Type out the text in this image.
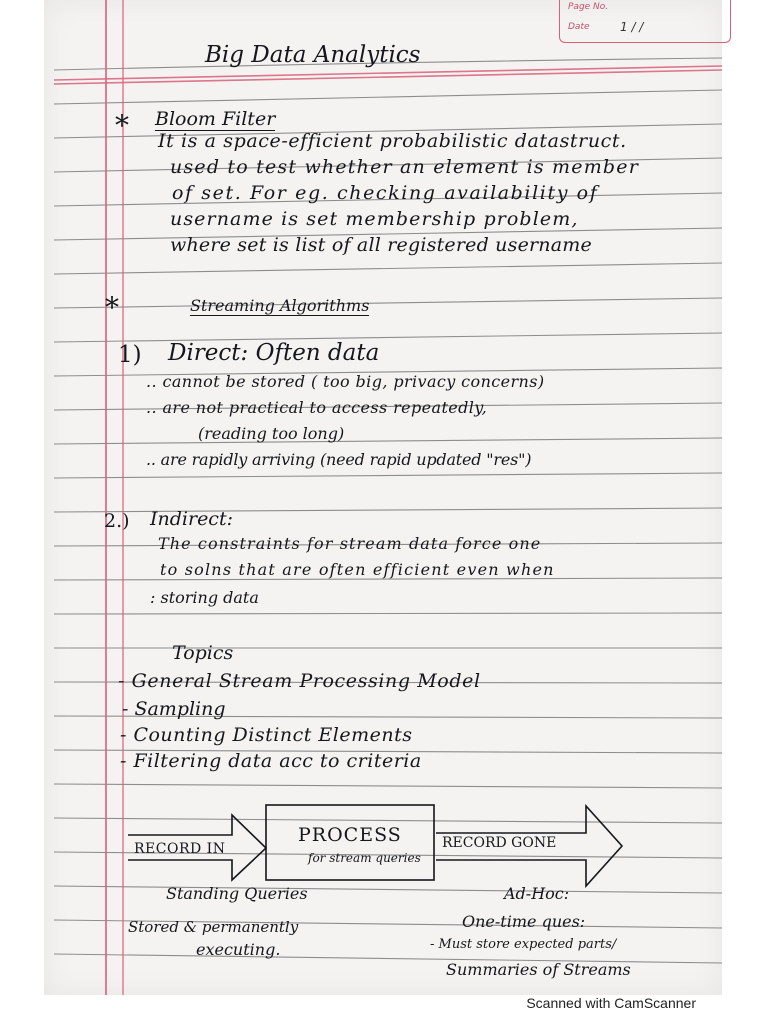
Page No.
Date	1 / /
Big Data Analytics
* Bloom Filter
It is a space-efficient probabilistic datastruct.
used to test whether an element is member
of set. For eg. checking availability of
username is set membership problem,
where set is list of all registered username
*	Streaming Algorithms
1) Direct: Often data
.. cannot be stored ( too big, privacy concerns)
.. are not practical to access repeatedly,
(reading too long)
.. are rapidly arriving (need rapid updated "res")
2.) Indirect:
The constraints for stream data force one
to solns that are often efficient even when
: storing data
Topics
- General Stream Processing Model
- Sampling
- Counting Distinct Elements
- Filtering data acc to criteria
RECORD IN
PROCESS
for stream queries
RECORD GONE
Standing Queries	Ad-Hoc:
Stored & permanently
executing.
One-time ques:
- Must store expected parts/
Summaries of Streams
Scanned with CamScanner
